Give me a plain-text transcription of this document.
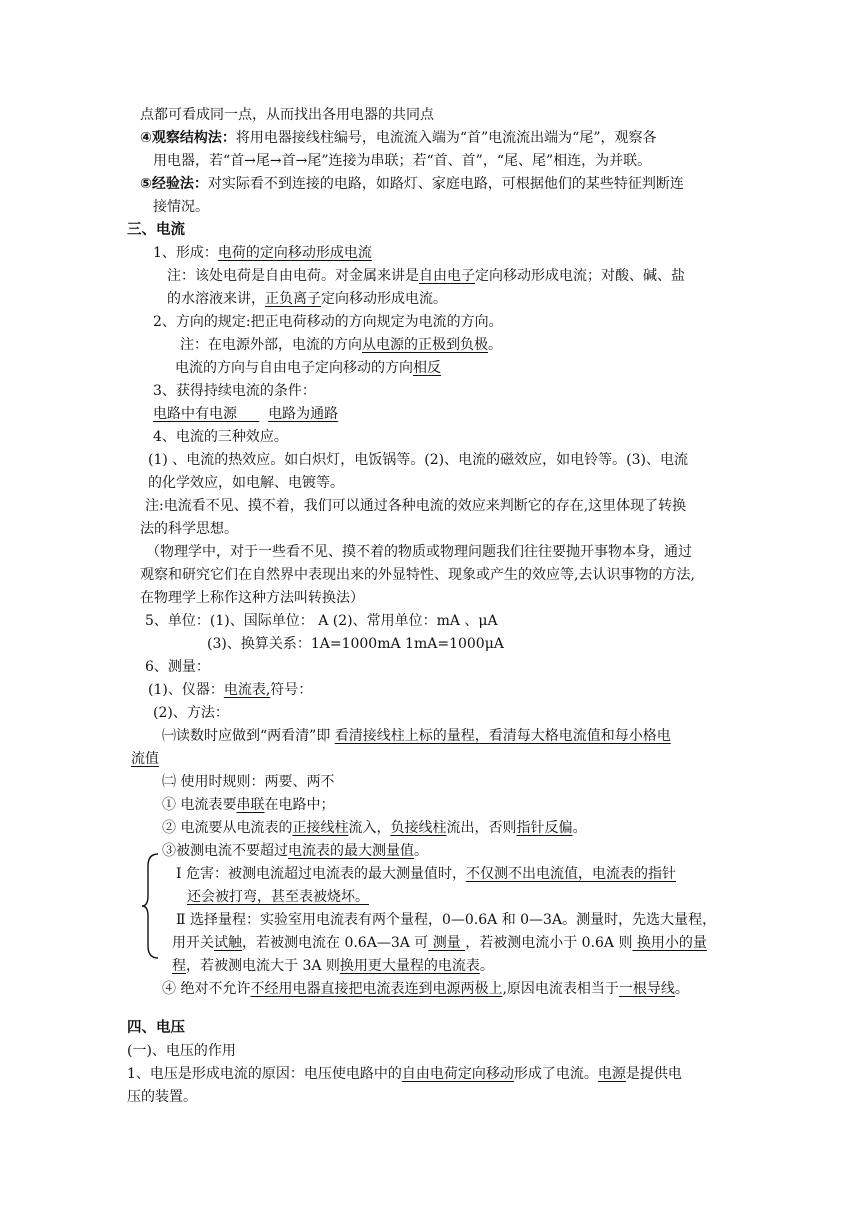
点都可看成同一点，从而找出各用电器的共同点
④观察结构法：将用电器接线柱编号，电流流入端为“首”电流流出端为“尾”，观察各
用电器，若“首→尾→首→尾”连接为串联；若“首、首”，“尾、尾”相连，为并联。
⑤经验法：对实际看不到连接的电路，如路灯、家庭电路，可根据他们的某些特征判断连
接情况。
三、电流
1、形成：电荷的定向移动形成电流
注：该处电荷是自由电荷。对金属来讲是自由电子定向移动形成电流；对酸、碱、盐
的水溶液来讲，正负离子定向移动形成电流。
2、方向的规定:把正电荷移动的方向规定为电流的方向。
注：在电源外部，电流的方向从电源的正极到负极。
电流的方向与自由电子定向移动的方向相反
3、获得持续电流的条件：
电路中有电源 电路为通路
4、电流的三种效应。
(1) 、电流的热效应。如白炽灯，电饭锅等。(2)、电流的磁效应，如电铃等。(3)、电流
的化学效应，如电解、电镀等。
注:电流看不见、摸不着，我们可以通过各种电流的效应来判断它的存在,这里体现了转换
法的科学思想。
（物理学中，对于一些看不见、摸不着的物质或物理问题我们往往要抛开事物本身，通过
观察和研究它们在自然界中表现出来的外显特性、现象或产生的效应等,去认识事物的方法,
在物理学上称作这种方法叫转换法）
5、单位：(1)、国际单位： A (2)、常用单位：mA 、μA
(3)、换算关系：1A=1000mA 1mA=1000μA
6、测量：
(1)、仪器：电流表,符号：
(2)、方法：
㈠读数时应做到“两看清”即 看清接线柱上标的量程，看清每大格电流值和每小格电
流值
㈡ 使用时规则：两要、两不
① 电流表要串联在电路中；
② 电流要从电流表的正接线柱流入，负接线柱流出，否则指针反偏。
③被测电流不要超过电流表的最大测量值。
Ⅰ 危害：被测电流超过电流表的最大测量值时，不仅测不出电流值，电流表的指针
还会被打弯，甚至表被烧坏。
Ⅱ 选择量程：实验室用电流表有两个量程，0—0.6A 和 0—3A。测量时，先选大量程，
用开关试触，若被测电流在 0.6A—3A 可 测量 ，若被测电流小于 0.6A 则 换用小的量
程，若被测电流大于 3A 则换用更大量程的电流表。
④ 绝对不允许不经用电器直接把电流表连到电源两极上,原因电流表相当于一根导线。
四、电压
(一)、电压的作用
1、电压是形成电流的原因：电压使电路中的自由电荷定向移动形成了电流。电源是提供电
压的装置。
